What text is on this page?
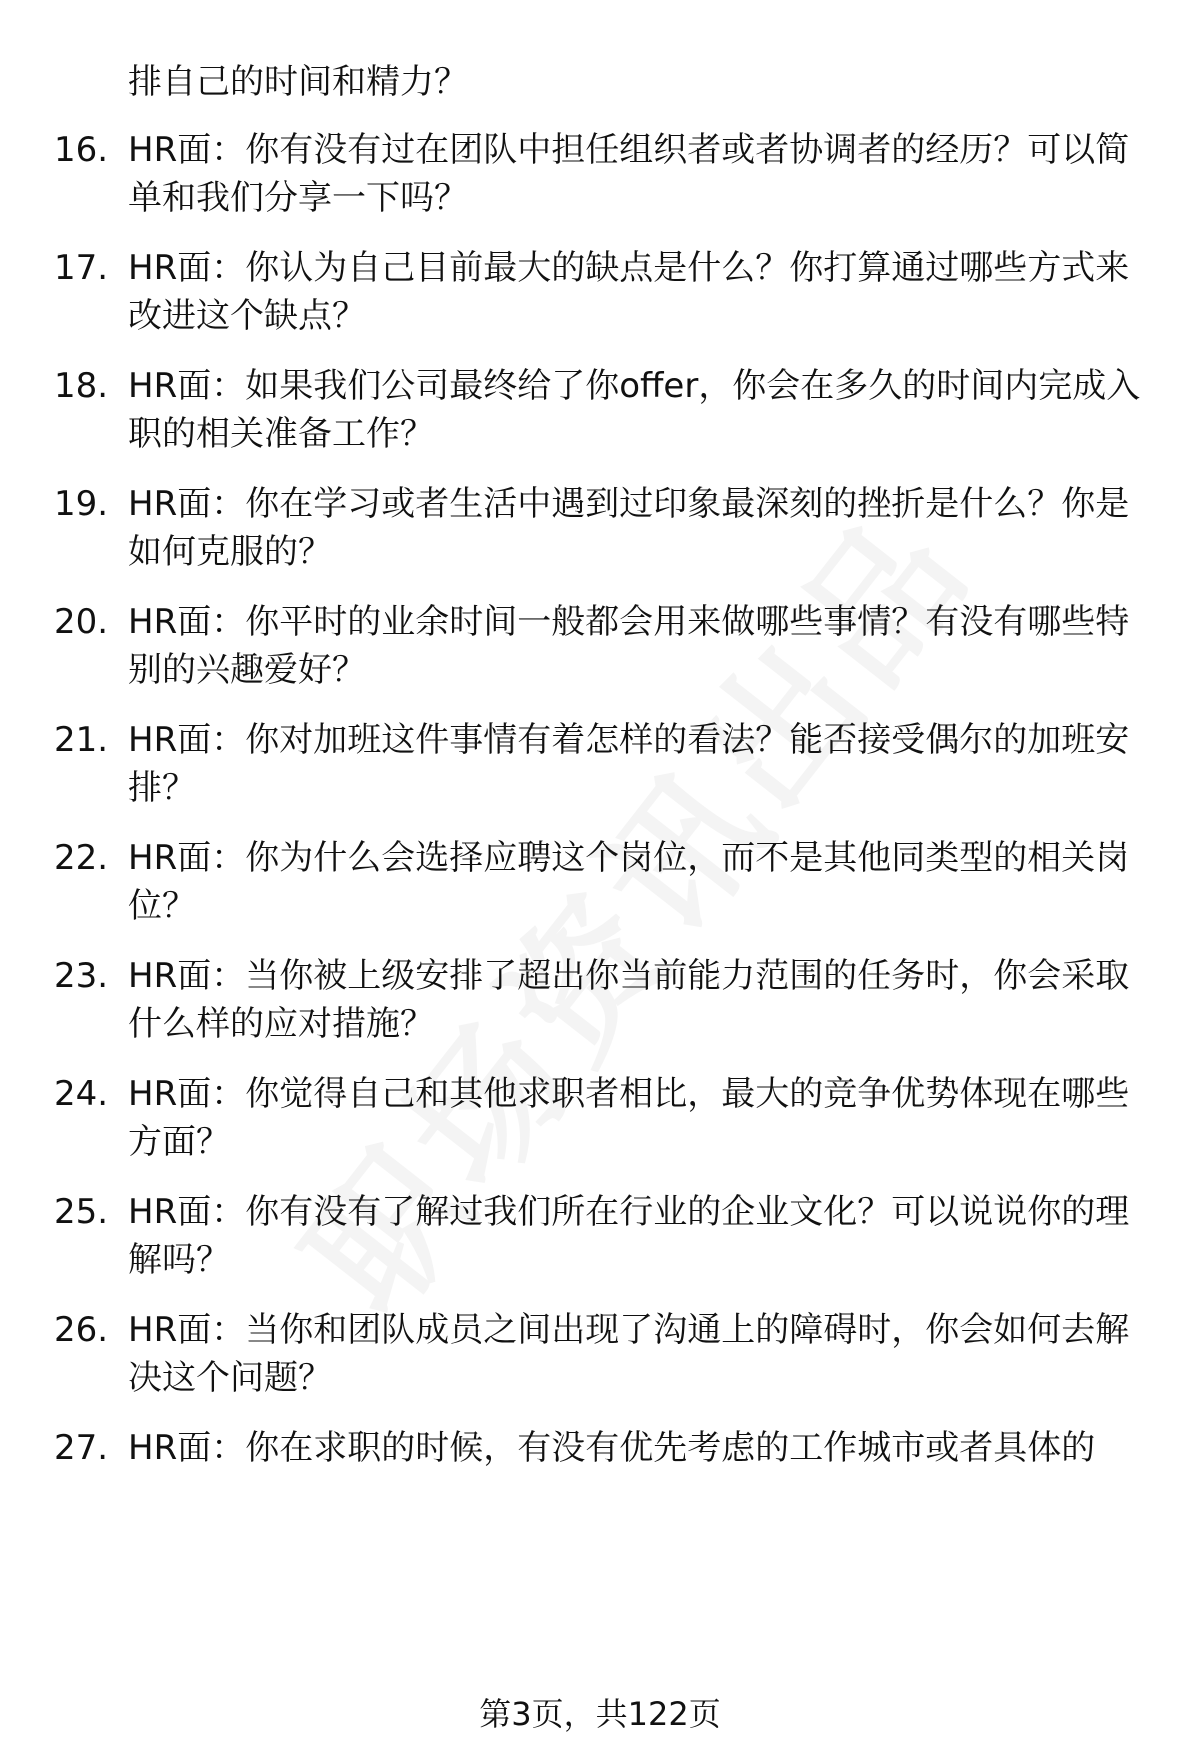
排自己的时间和精力？
16. HR面：你有没有过在团队中担任组织者或者协调者的经历？可以简单和我们分享一下吗？
17. HR面：你认为自己目前最大的缺点是什么？你打算通过哪些方式来改进这个缺点？
18. HR面：如果我们公司最终给了你offer，你会在多久的时间内完成入职的相关准备工作？
19. HR面：你在学习或者生活中遇到过印象最深刻的挫折是什么？你是如何克服的？
20. HR面：你平时的业余时间一般都会用来做哪些事情？有没有哪些特别的兴趣爱好？
21. HR面：你对加班这件事情有着怎样的看法？能否接受偶尔的加班安排？
22. HR面：你为什么会选择应聘这个岗位，而不是其他同类型的相关岗位？
23. HR面：当你被上级安排了超出你当前能力范围的任务时，你会采取什么样的应对措施？
24. HR面：你觉得自己和其他求职者相比，最大的竞争优势体现在哪些方面？
25. HR面：你有没有了解过我们所在行业的企业文化？可以说说你的理解吗？
26. HR面：当你和团队成员之间出现了沟通上的障碍时，你会如何去解决这个问题？
27. HR面：你在求职的时候，有没有优先考虑的工作城市或者具体的
第3页，共122页
